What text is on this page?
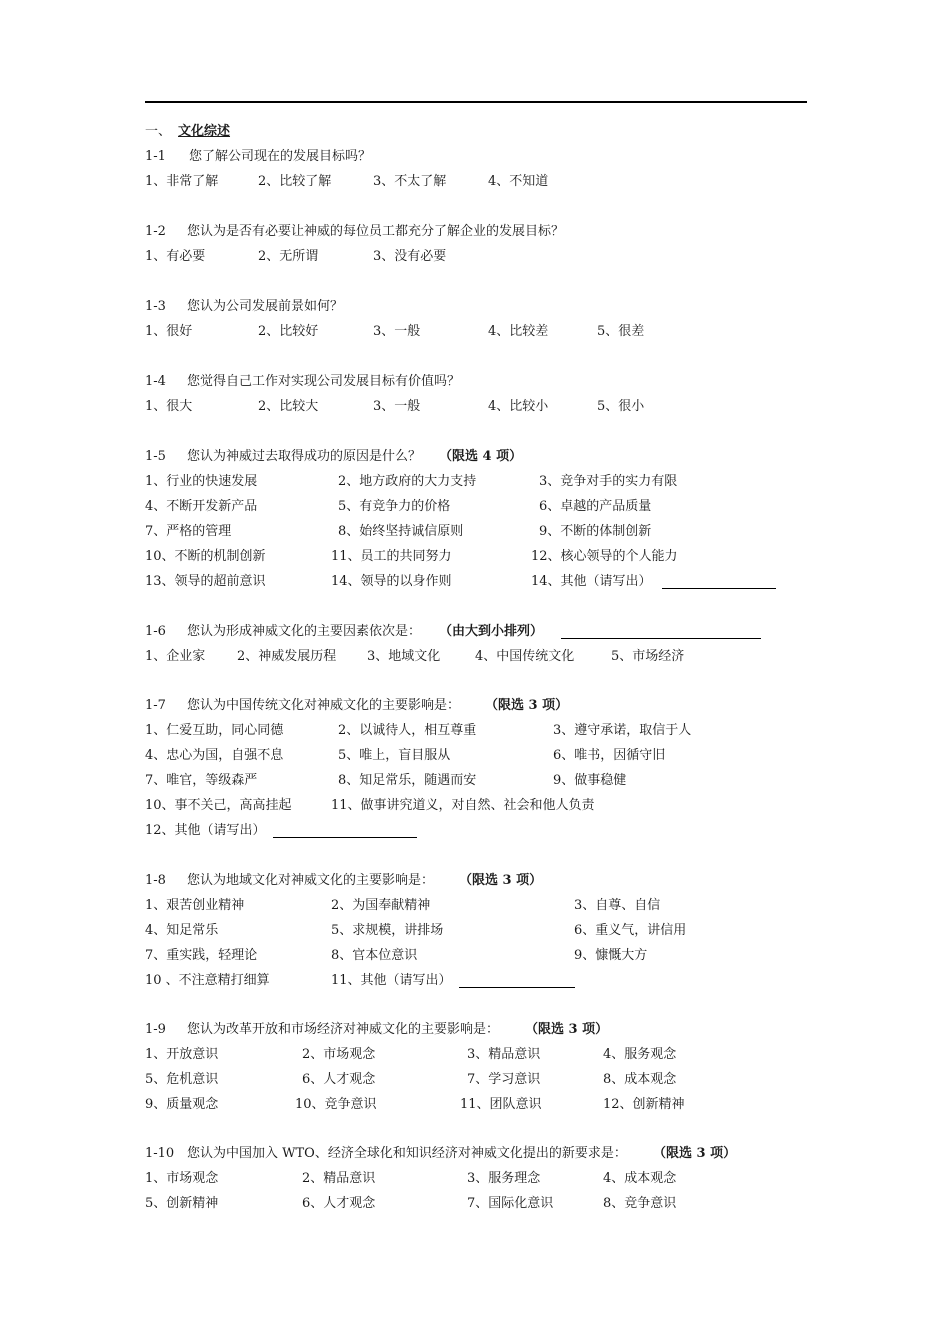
一、 文化综述
1-1 您了解公司现在的发展目标吗？
1、非常了解	2、比较了解	3、不太了解	4、不知道
1-2 您认为是否有必要让神威的每位员工都充分了解企业的发展目标？
1、有必要	2、无所谓	3、没有必要
1-3 您认为公司发展前景如何？
1、很好	2、比较好	3、一般	4、比较差	5、很差
1-4 您觉得自己工作对实现公司发展目标有价值吗？
1、很大	2、比较大	3、一般	4、比较小	5、很小
1-5 您认为神威过去取得成功的原因是什么？ （限选 4 项）
1、行业的快速发展	2、地方政府的大力支持	3、竞争对手的实力有限
4、不断开发新产品	5、有竞争力的价格	6、卓越的产品质量
7、严格的管理	8、始终坚持诚信原则	9、不断的体制创新
10、不断的机制创新	11、员工的共同努力	12、核心领导的个人能力
13、领导的超前意识	14、领导的以身作则	14、其他（请写出）
1-6 您认为形成神威文化的主要因素依次是： （由大到小排列）
1、企业家 2、神威发展历程 3、地域文化	4、中国传统文化	5、市场经济
1-7 您认为中国传统文化对神威文化的主要影响是： （限选 3 项）
1、仁爱互助，同心同德	2、以诚待人，相互尊重	3、遵守承诺，取信于人
4、忠心为国，自强不息	5、唯上，盲目服从	6、唯书，因循守旧
7、唯官，等级森严	8、知足常乐，随遇而安	9、做事稳健
10、事不关己，高高挂起	11、做事讲究道义，对自然、社会和他人负责
12、其他（请写出）
1-8 您认为地域文化对神威文化的主要影响是： （限选 3 项）
1、艰苦创业精神	2、为国奉献精神	3、自尊、自信
4、知足常乐	5、求规模，讲排场	6、重义气，讲信用
7、重实践，轻理论	8、官本位意识	9、慷慨大方
10 、不注意精打细算	11、其他（请写出）
1-9 您认为改革开放和市场经济对神威文化的主要影响是： （限选 3 项）
1、开放意识	2、市场观念	3、精品意识	4、服务观念
5、危机意识	6、人才观念	7、学习意识	8、成本观念
9、质量观念	10、竞争意识	11、团队意识	12、创新精神
1-10 您认为中国加入 WTO、经济全球化和知识经济对神威文化提出的新要求是： （限选 3 项）
1、市场观念	2、精品意识	3、服务理念	4、成本观念
5、创新精神	6、人才观念	7、国际化意识	8、竞争意识
